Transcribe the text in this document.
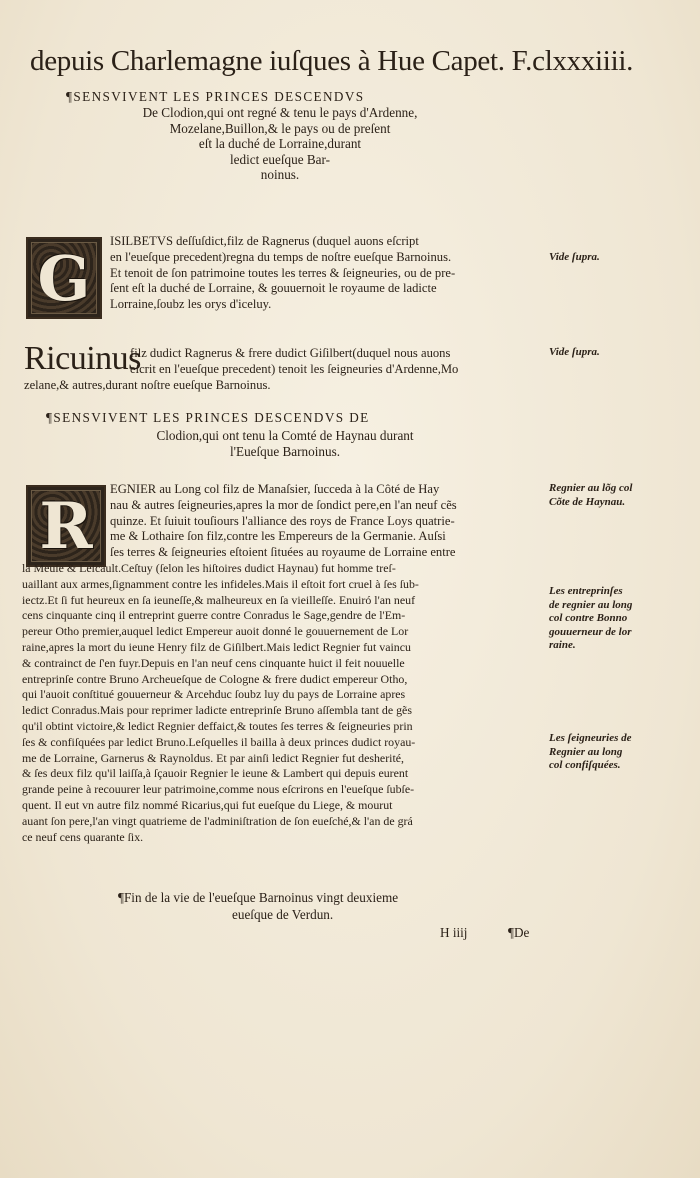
depuis Charlemagne iuſques à Hue Capet. F.clxxxiiii.
¶SENSVIVENT LES PRINCES DESCENDVS
De Clodion,qui ont regné & tenu le pays d'Ardenne,
Mozelane,Buillon,& le pays ou de preſent
eſt la duché de Lorraine,durant
ledict eueſque Bar-
noinus.
G
ISILBETVS deſſuſdict,filz de Ragnerus (duquel auons eſcript
en l'eueſque precedent)regna du temps de noſtre eueſque Barnoinus.
Et tenoit de ſon patrimoine toutes les terres & ſeigneuries, ou de pre-
ſent eſt la duché de Lorraine, & gouuernoit le royaume de ladicte
Lorraine,ſoubz les orys d'iceluy.
Vide ſupra.
Ricuinus
filz dudict Ragnerus & frere dudict Giſilbert(duquel nous auons
eſcrit en l'eueſque precedent) tenoit les ſeigneuries d'Ardenne,Mo
zelane,& autres,durant noſtre eueſque Barnoinus.
Vide ſupra.
¶SENSVIVENT LES PRINCES DESCENDVS DE
Clodion,qui ont tenu la Comté de Haynau durant
l'Eueſque Barnoinus.
R	EGNIER au Long col filz de Manaſsier, ſucceda à la Côté de Hay
nau & autres ſeigneuries,apres la mor de ſondict pere,en l'an neuf cẽs
quinze. Et ſuiuit touſiours l'alliance des roys de France Loys quatrie-
me & Lothaire ſon filz,contre les Empereurs de la Germanie. Auſsi
ſes terres & ſeigneuries eſtoient ſituées au royaume de Lorraine entre
la Meuſe & Leſcault.Ceſtuy (ſelon les hiſtoires dudict Haynau) fut homme treſ-
uaillant aux armes,ſignamment contre les infideles.Mais il eſtoit fort cruel à ſes ſub-
iectz.Et ſi fut heureux en ſa ieuneſſe,& malheureux en ſa vieilleſſe. Enuiró l'an neuf
cens cinquante cinq il entreprint guerre contre Conradus le Sage,gendre de l'Em-
pereur Otho premier,auquel ledict Empereur auoit donné le gouuernement de Lor
raine,apres la mort du ieune Henry filz de Giſilbert.Mais ledict Regnier fut vaincu
& contrainct de ſ'en fuyr.Depuis en l'an neuf cens cinquante huict il feit nouuelle
entreprinſe contre Bruno Archeueſque de Cologne & frere dudict empereur Otho,
qui l'auoit conſtitué gouuerneur & Arcehduc ſoubz luy du pays de Lorraine apres
ledict Conradus.Mais pour reprimer ladicte entreprinſe Bruno aſſembla tant de gẽs
qu'il obtint victoire,& ledict Regnier deffaict,& toutes ſes terres & ſeigneuries prin
ſes & confiſquées par ledict Bruno.Leſquelles il bailla à deux princes dudict royau-
me de Lorraine, Garnerus & Raynoldus. Et par ainſi ledict Regnier fut desherité,
& ſes deux filz qu'il laiſſa,à ſçauoir Regnier le ieune & Lambert qui depuis eurent
grande peine à recouurer leur patrimoine,comme nous eſcrirons en l'eueſque ſubſe-
quent. Il eut vn autre filz nommé Ricarius,qui fut eueſque du Liege, & mourut
auant ſon pere,l'an vingt quatrieme de l'adminiſtration de ſon eueſché,& l'an de grá
ce neuf cens quarante ſix.
Regnier au lõg col
Cõte de Haynau.
Les entreprinſes
de regnier au long
col contre Bonno
gouuerneur de lor
raine.
Les ſeigneuries de
Regnier au long
col confiſquées.
¶Fin de la vie de l'eueſque Barnoinus vingt deuxieme
eueſque de Verdun.
H iiij	¶De
